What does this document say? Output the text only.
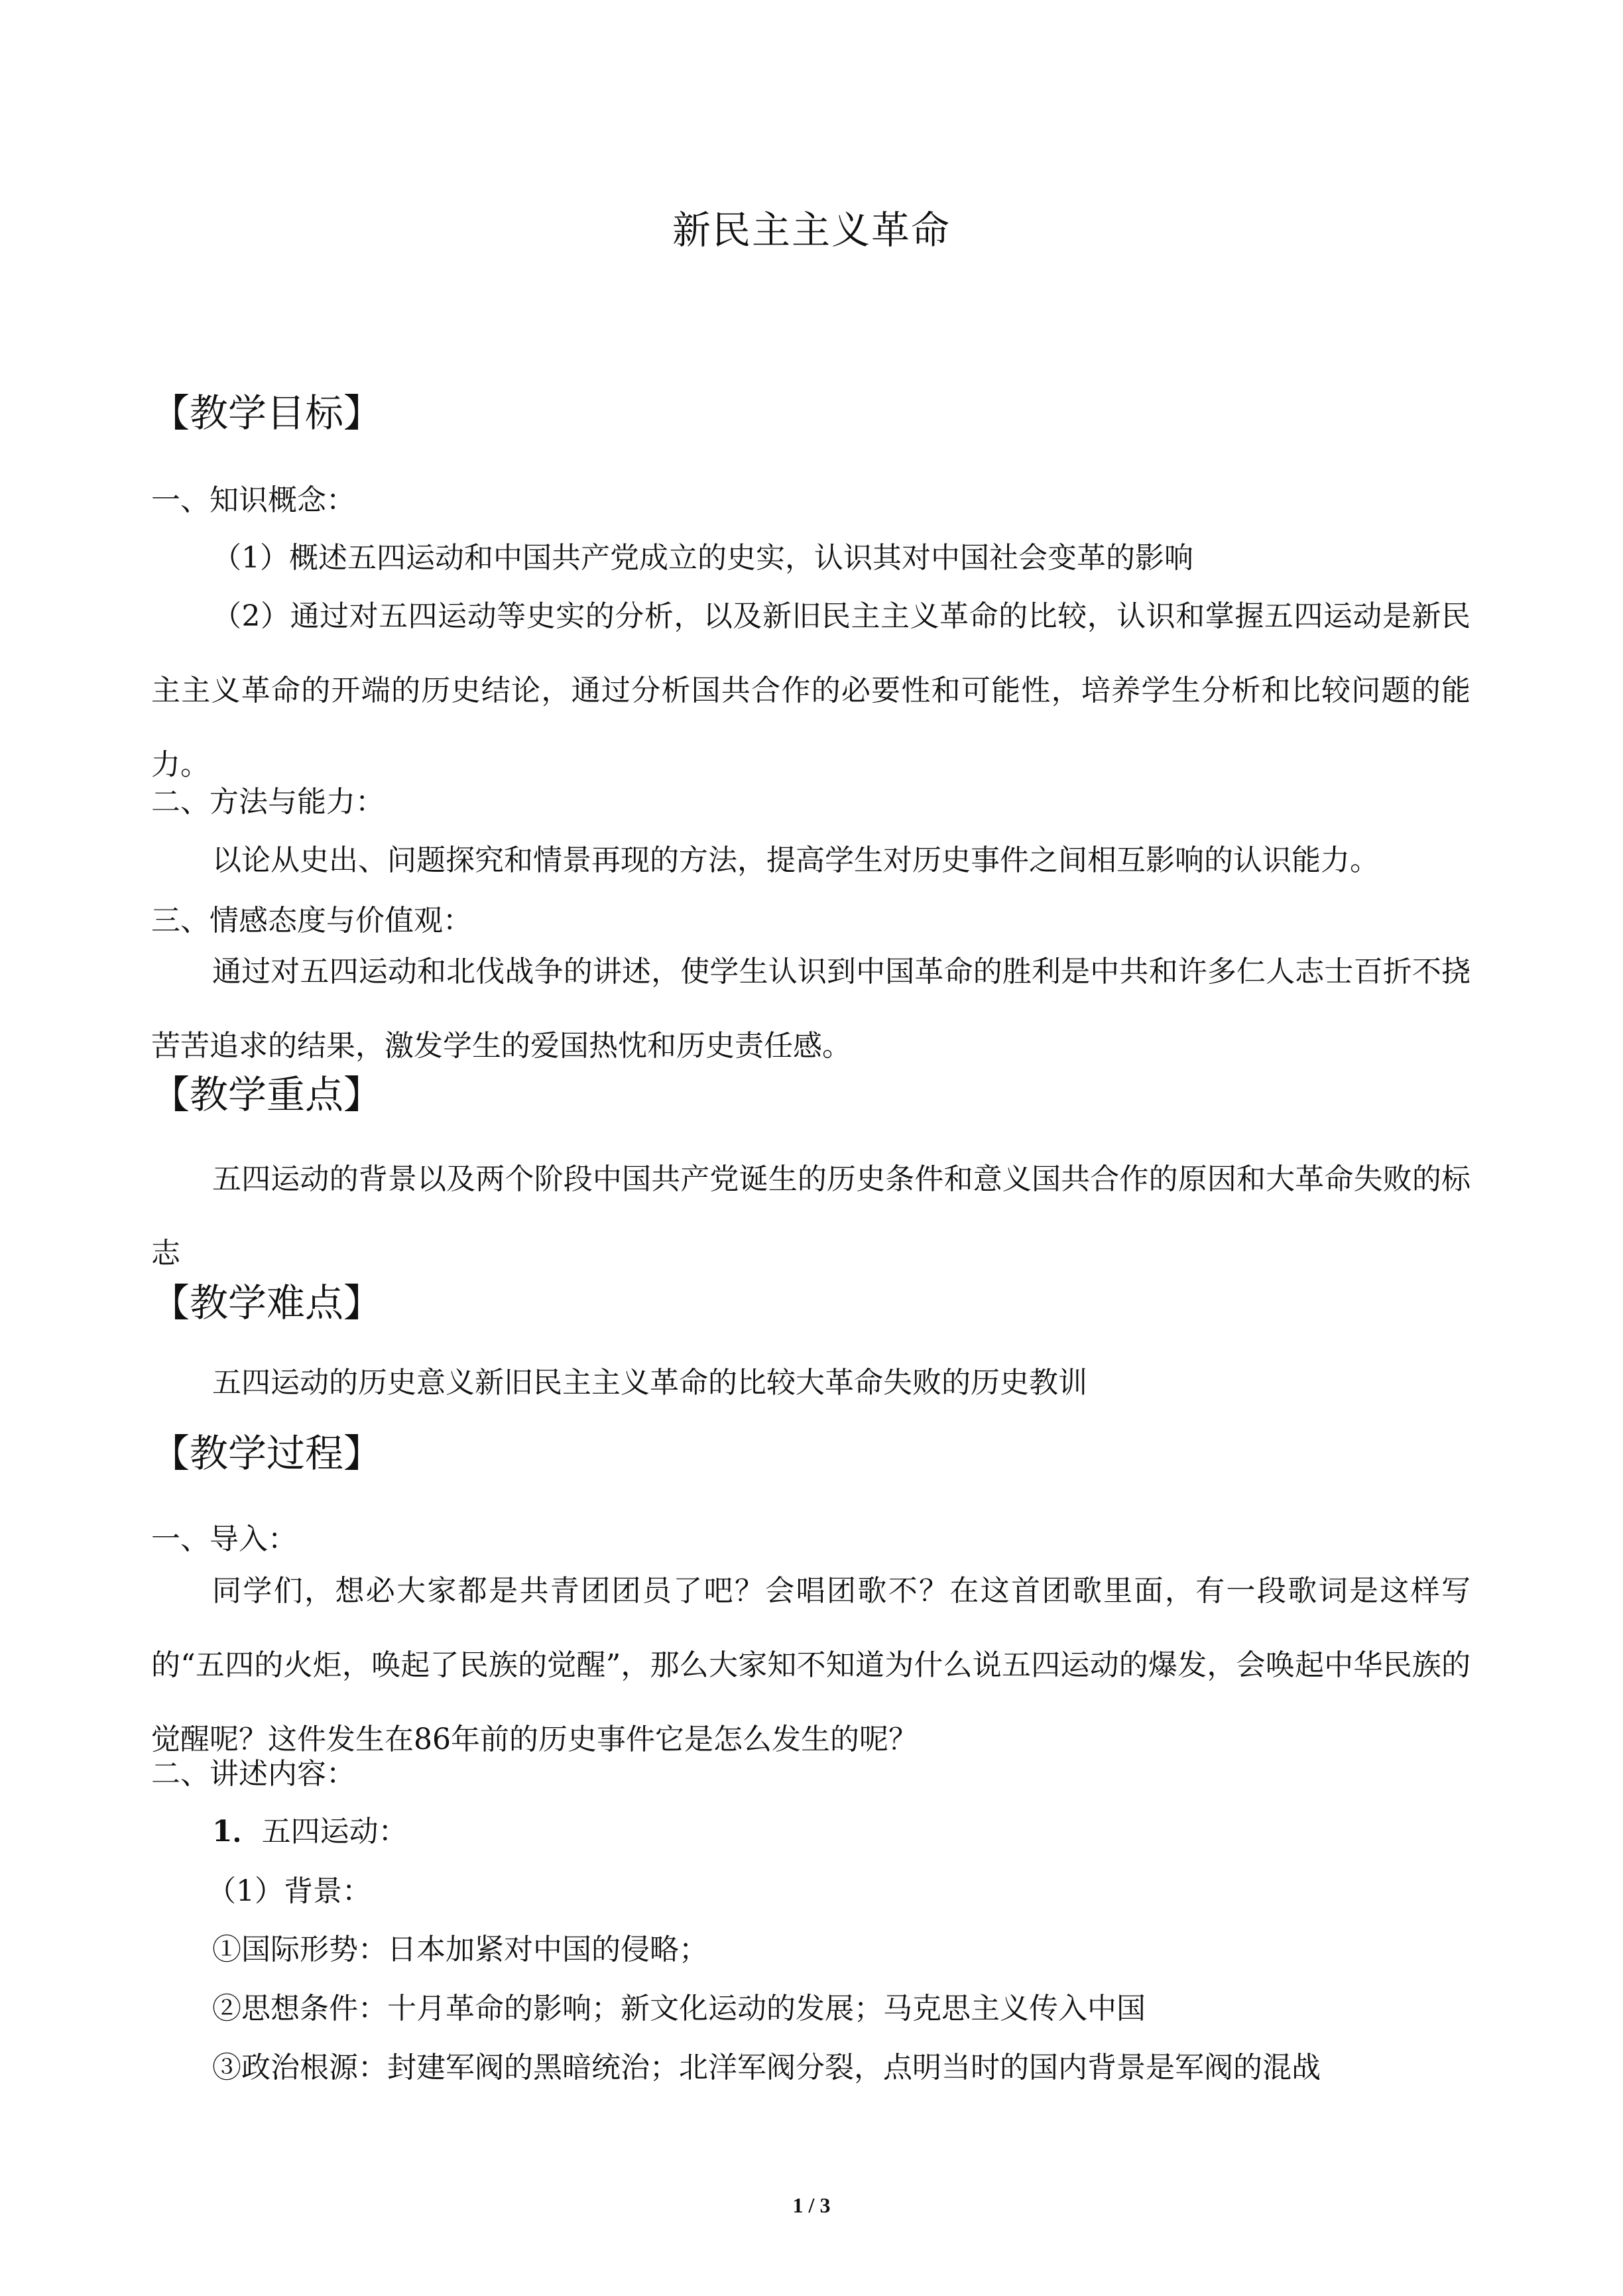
新民主主义革命
【教学目标】
一、知识概念：
（1）概述五四运动和中国共产党成立的史实，认识其对中国社会变革的影响
（2）通过对五四运动等史实的分析，以及新旧民主主义革命的比较，认识和掌握五四运动是新民主主义革命的开端的历史结论，通过分析国共合作的必要性和可能性，培养学生分析和比较问题的能力。
二、方法与能力：
以论从史出、问题探究和情景再现的方法，提高学生对历史事件之间相互影响的认识能力。
三、情感态度与价值观：
通过对五四运动和北伐战争的讲述，使学生认识到中国革命的胜利是中共和许多仁人志士百折不挠苦苦追求的结果，激发学生的爱国热忱和历史责任感。
【教学重点】
五四运动的背景以及两个阶段中国共产党诞生的历史条件和意义国共合作的原因和大革命失败的标志
【教学难点】
五四运动的历史意义新旧民主主义革命的比较大革命失败的历史教训
【教学过程】
一、导入：
同学们，想必大家都是共青团团员了吧？会唱团歌不？在这首团歌里面，有一段歌词是这样写的“五四的火炬，唤起了民族的觉醒”，那么大家知不知道为什么说五四运动的爆发，会唤起中华民族的觉醒呢？这件发生在86年前的历史事件它是怎么发生的呢？
二、讲述内容：
1．五四运动：
（1）背景：
①国际形势：日本加紧对中国的侵略；
②思想条件：十月革命的影响；新文化运动的发展；马克思主义传入中国
③政治根源：封建军阀的黑暗统治；北洋军阀分裂，点明当时的国内背景是军阀的混战
1 / 3
